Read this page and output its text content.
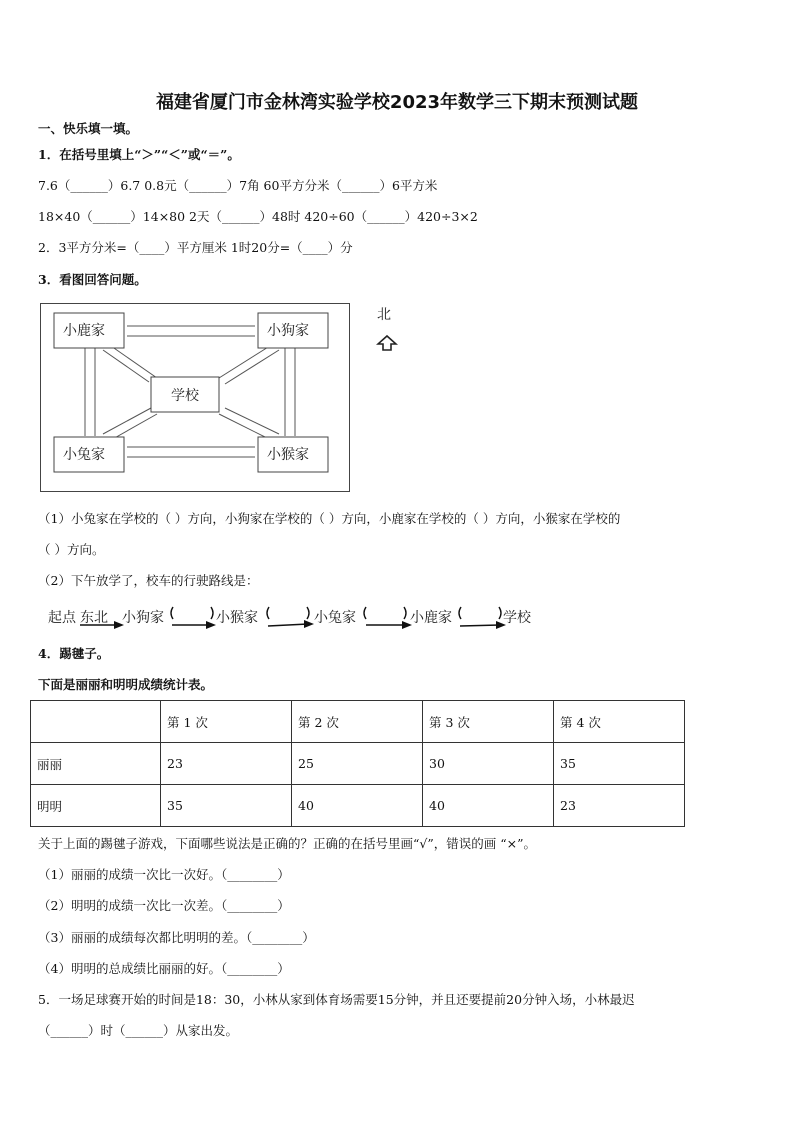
福建省厦门市金林湾实验学校2023年数学三下期末预测试题
一、快乐填一填。
1．在括号里填上“＞”“＜”或“＝”。
7.6（______）6.7 0.8元（______）7角 60平方分米（______）6平方米
18×40（______）14×80 2天（______）48时 420÷60（______）420÷3×2
2．3平方分米=（____）平方厘米 1时20分=（____）分
3．看图回答问题。
小鹿家	小狗家
学校
小兔家	小猴家
北
（1）小兔家在学校的（ ）方向，小狗家在学校的（ ）方向，小鹿家在学校的（ ）方向，小猴家在学校的
（ ）方向。
（2）下午放学了，校车的行驶路线是：
起点 东北 小狗家	小猴家	小兔家	小鹿家	学校
4．踢毽子。
下面是丽丽和明明成绩统计表。
	第 1 次	第 2 次	第 3 次	第 4 次
丽丽	23	25	30	35
明明	35	40	40	23
关于上面的踢毽子游戏，下面哪些说法是正确的？正确的在括号里画“√”，错误的画 “×”。
（1）丽丽的成绩一次比一次好。（________）
（2）明明的成绩一次比一次差。（________）
（3）丽丽的成绩每次都比明明的差。（________）
（4）明明的总成绩比丽丽的好。（________）
5．一场足球赛开始的时间是18：30，小林从家到体育场需要15分钟，并且还要提前20分钟入场，小林最迟
（______）时（______）从家出发。
